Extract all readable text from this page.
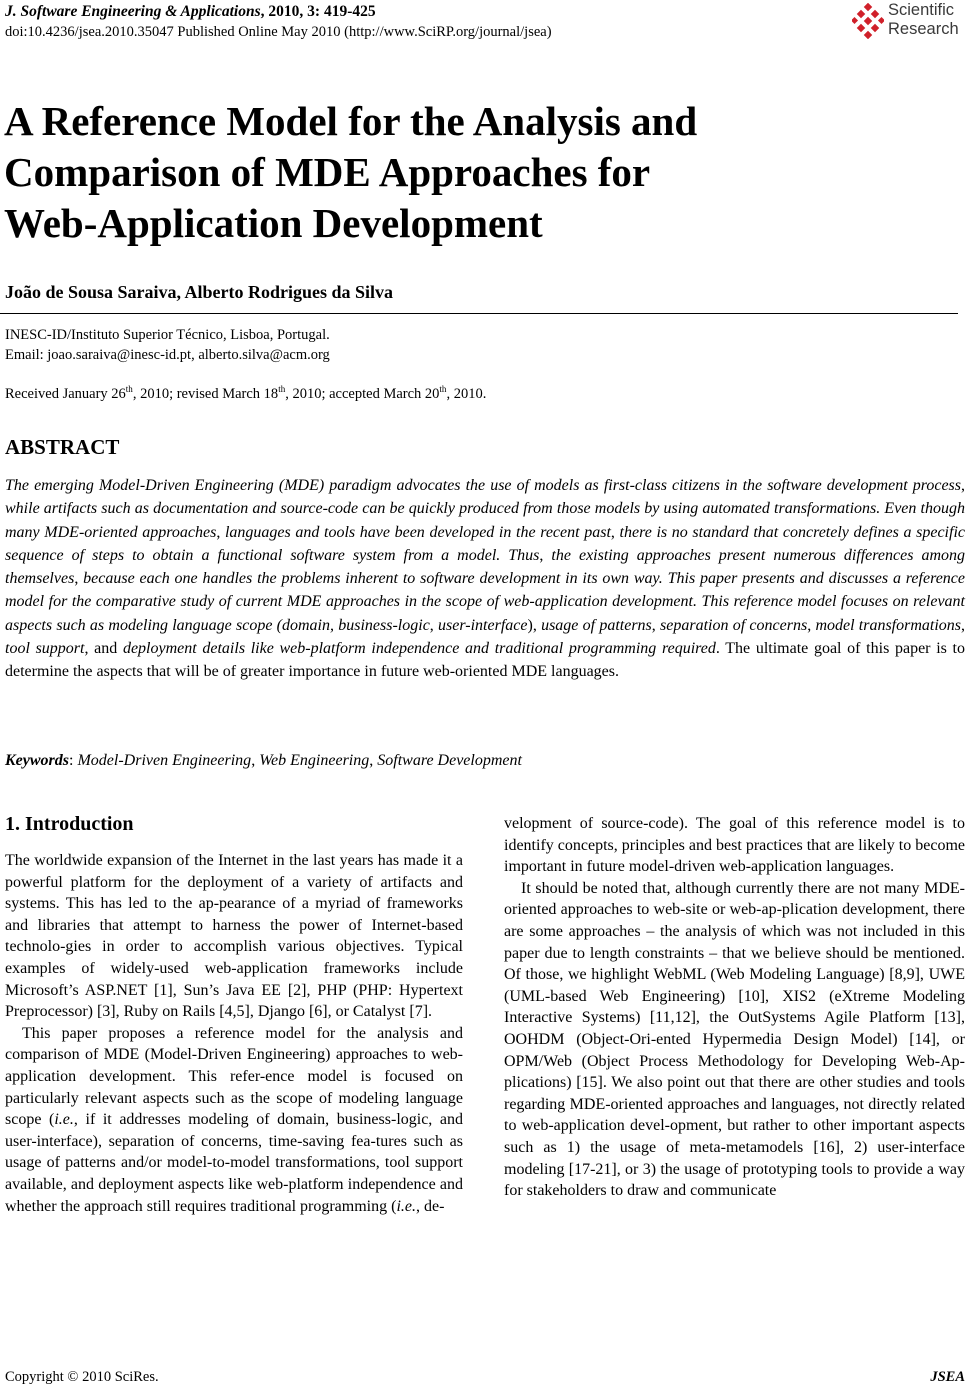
J. Software Engineering & Applications, 2010, 3: 419-425
doi:10.4236/jsea.2010.35047 Published Online May 2010 (http://www.SciRP.org/journal/jsea)
Scientific
Research
A Reference Model for the Analysis and
Comparison of MDE Approaches for
Web-Application Development
João de Sousa Saraiva, Alberto Rodrigues da Silva
INESC-ID/Instituto Superior Técnico, Lisboa, Portugal.
Email: joao.saraiva@inesc-id.pt, alberto.silva@acm.org
Received January 26th, 2010; revised March 18th, 2010; accepted March 20th, 2010.
ABSTRACT

The emerging Model-Driven Engineering (MDE) paradigm advocates the use of models as first-class citizens in the software development process, while artifacts such as documentation and source-code can be quickly produced from those models by using automated transformations. Even though many MDE-oriented approaches, languages and tools have been developed in the recent past, there is no standard that concretely defines a specific sequence of steps to obtain a functional software system from a model. Thus, the existing approaches present numerous differences among themselves, because each one handles the problems inherent to software development in its own way. This paper presents and discusses a reference model for the comparative study of current MDE approaches in the scope of web-application development. This reference model focuses on relevant aspects such as modeling language scope (domain, business-logic, user-interface), usage of patterns, separation of concerns, model transformations, tool support, and deployment details like web-platform independence and traditional programming required. The ultimate goal of this paper is to determine the aspects that will be of greater importance in future web-oriented MDE languages.

Keywords: Model-Driven Engineering, Web Engineering, Software Development
1. Introduction

The worldwide expansion of the Internet in the last years has made it a powerful platform for the deployment of a variety of artifacts and systems. This has led to the ap-pearance of a myriad of frameworks and libraries that attempt to harness the power of Internet-based technolo-gies in order to accomplish various objectives. Typical examples of widely-used web-application frameworks include Microsoft’s ASP.NET [1], Sun’s Java EE [2], PHP (PHP: Hypertext Preprocessor) [3], Ruby on Rails [4,5], Django [6], or Catalyst [7].

This paper proposes a reference model for the analysis and comparison of MDE (Model-Driven Engineering) approaches to web-application development. This refer-ence model is focused on particularly relevant aspects such as the scope of modeling language scope (i.e., if it addresses modeling of domain, business-logic, and user-interface), separation of concerns, time-saving fea-tures such as usage of patterns and/or model-to-model transformations, tool support available, and deployment aspects like web-platform independence and whether the approach still requires traditional programming (i.e., de-

velopment of source-code). The goal of this reference model is to identify concepts, principles and best practices that are likely to become important in future model-driven web-application languages.

It should be noted that, although currently there are not many MDE-oriented approaches to web-site or web-ap-plication development, there are some approaches – the analysis of which was not included in this paper due to length constraints – that we believe should be mentioned. Of those, we highlight WebML (Web Modeling Language) [8,9], UWE (UML-based Web Engineering) [10], XIS2 (eXtreme Modeling Interactive Systems) [11,12], the OutSystems Agile Platform [13], OOHDM (Object-Ori-ented Hypermedia Design Model) [14], or OPM/Web (Object Process Methodology for Developing Web-Ap-plications) [15]. We also point out that there are other studies and tools regarding MDE-oriented approaches and languages, not directly related to web-application devel-opment, but rather to other important aspects such as 1) the usage of meta-metamodels [16], 2) user-interface modeling [17-21], or 3) the usage of prototyping tools to provide a way for stakeholders to draw and communicate

Copyright © 2010 SciRes.	JSEA
